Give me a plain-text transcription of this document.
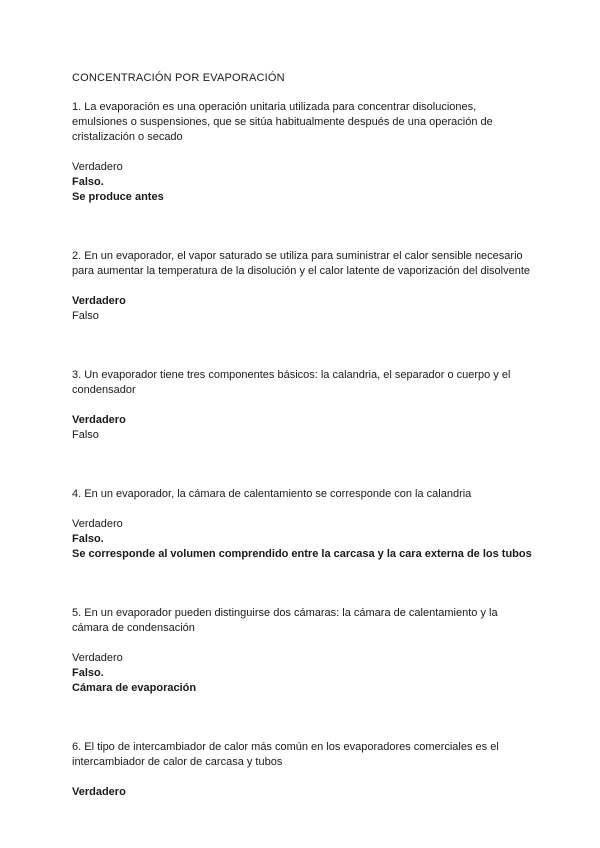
CONCENTRACIÓN POR EVAPORACIÓN

1. La evaporación es una operación unitaria utilizada para concentrar disoluciones, emulsiones o suspensiones, que se sitúa habitualmente después de una operación de cristalización o secado

Verdadero

Falso.

Se produce antes

2. En un evaporador, el vapor saturado se utiliza para suministrar el calor sensible necesario para aumentar la temperatura de la disolución y el calor latente de vaporización del disolvente

Verdadero

Falso

3. Un evaporador tiene tres componentes básicos: la calandria, el separador o cuerpo y el condensador

Verdadero

Falso

4. En un evaporador, la cámara de calentamiento se corresponde con la calandria

Verdadero

Falso.

Se corresponde al volumen comprendido entre la carcasa y la cara externa de los tubos

5. En un evaporador pueden distinguirse dos cámaras: la cámara de calentamiento y la cámara de condensación

Verdadero

Falso.

Cámara de evaporación

6. El tipo de intercambiador de calor más común en los evaporadores comerciales es el intercambiador de calor de carcasa y tubos

Verdadero
